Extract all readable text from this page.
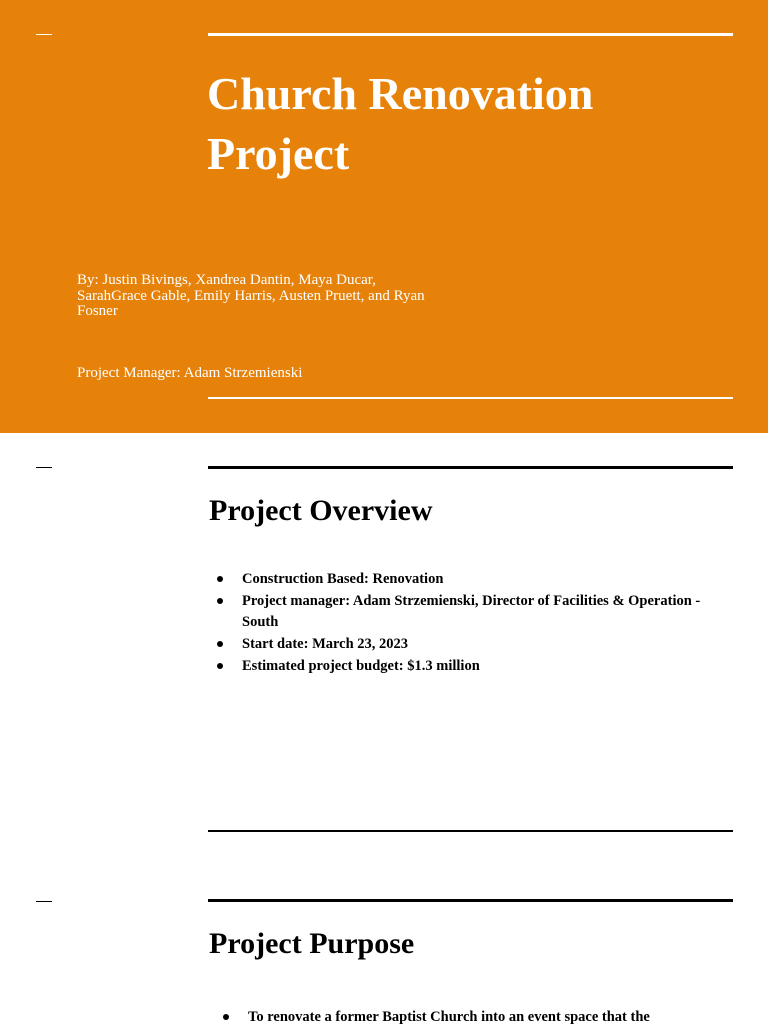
Church Renovation Project

By: Justin Bivings, Xandrea Dantin, Maya Ducar, SarahGrace Gable, Emily Harris, Austen Pruett, and Ryan Fosner

Project Manager: Adam Strzemienski

Project Overview
Construction Based: Renovation
Project manager: Adam Strzemienski, Director of Facilities & Operation - South
Start date: March 23, 2023
Estimated project budget: $1.3 million
Project Purpose
To renovate a former Baptist Church into an event space that the
